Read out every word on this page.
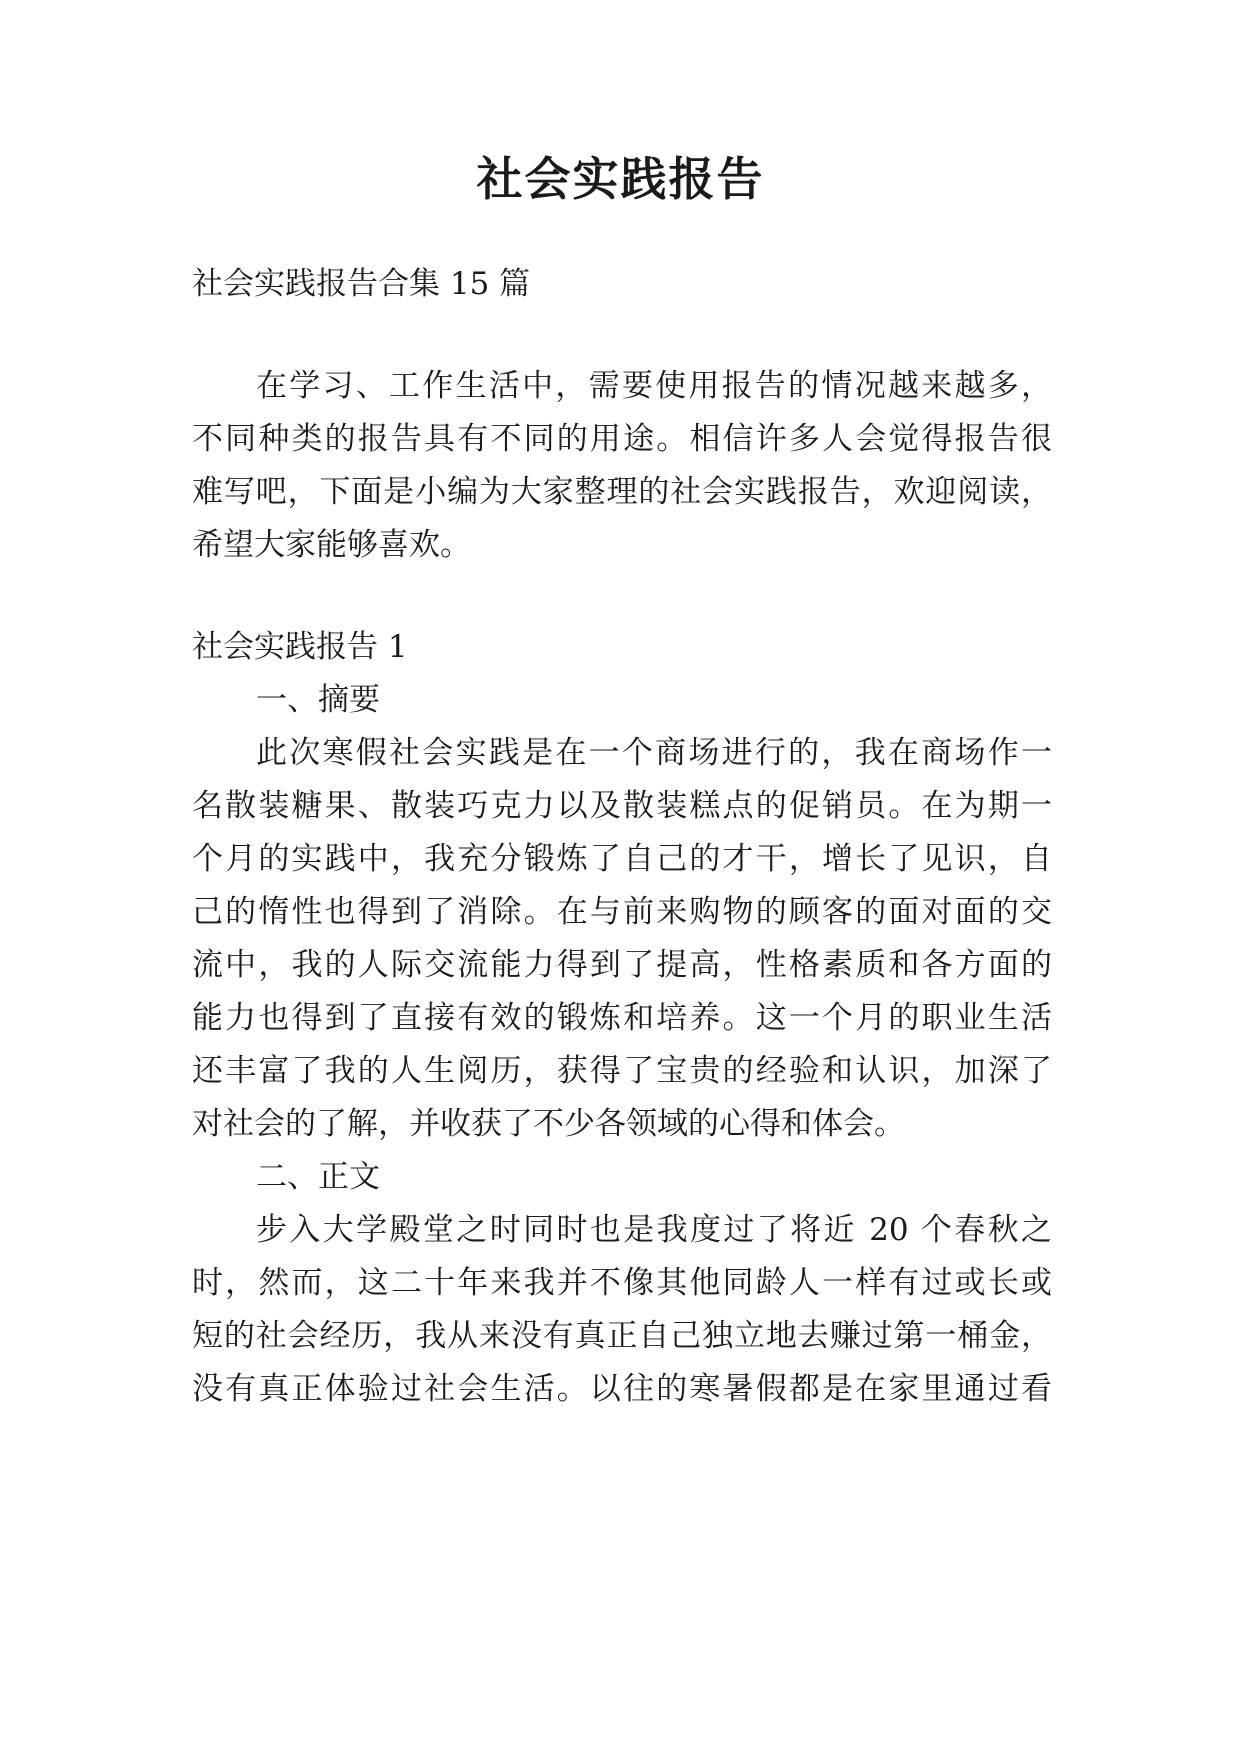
社会实践报告
社会实践报告合集 15 篇
在学习、工作生活中，需要使用报告的情况越来越多，
不同种类的报告具有不同的用途。相信许多人会觉得报告很
难写吧，下面是小编为大家整理的社会实践报告，欢迎阅读，
希望大家能够喜欢。
社会实践报告 1
一、摘要
此次寒假社会实践是在一个商场进行的，我在商场作一
名散装糖果、散装巧克力以及散装糕点的促销员。在为期一
个月的实践中，我充分锻炼了自己的才干，增长了见识，自
己的惰性也得到了消除。在与前来购物的顾客的面对面的交
流中，我的人际交流能力得到了提高，性格素质和各方面的
能力也得到了直接有效的锻炼和培养。这一个月的职业生活
还丰富了我的人生阅历，获得了宝贵的经验和认识，加深了
对社会的了解，并收获了不少各领域的心得和体会。
二、正文
步入大学殿堂之时同时也是我度过了将近 20 个春秋之
时，然而，这二十年来我并不像其他同龄人一样有过或长或
短的社会经历，我从来没有真正自己独立地去赚过第一桶金，
没有真正体验过社会生活。以往的寒暑假都是在家里通过看
